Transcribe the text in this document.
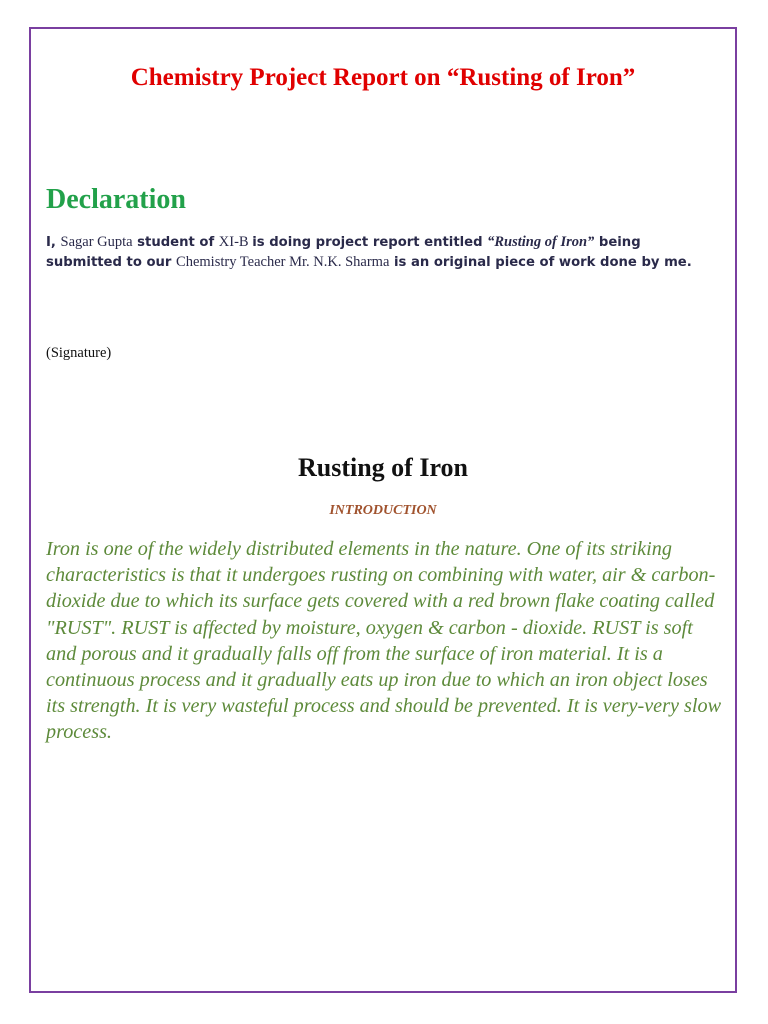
Chemistry Project Report on “Rusting of Iron”
Declaration

I, Sagar Gupta student of XI-B is doing project report entitled “Rusting of Iron” being submitted to our Chemistry Teacher Mr. N.K. Sharma is an original piece of work done by me.

(Signature)

Rusting of Iron

INTRODUCTION

Iron is one of the widely distributed elements in the nature. One of its striking characteristics is that it undergoes rusting on combining with water, air & carbon-dioxide due to which its surface gets covered with a red brown flake coating called "RUST". RUST is affected by moisture, oxygen & carbon - dioxide. RUST is soft and porous and it gradually falls off from the surface of iron material. It is a continuous process and it gradually eats up iron due to which an iron object loses its strength. It is very wasteful process and should be prevented. It is very-very slow process.
